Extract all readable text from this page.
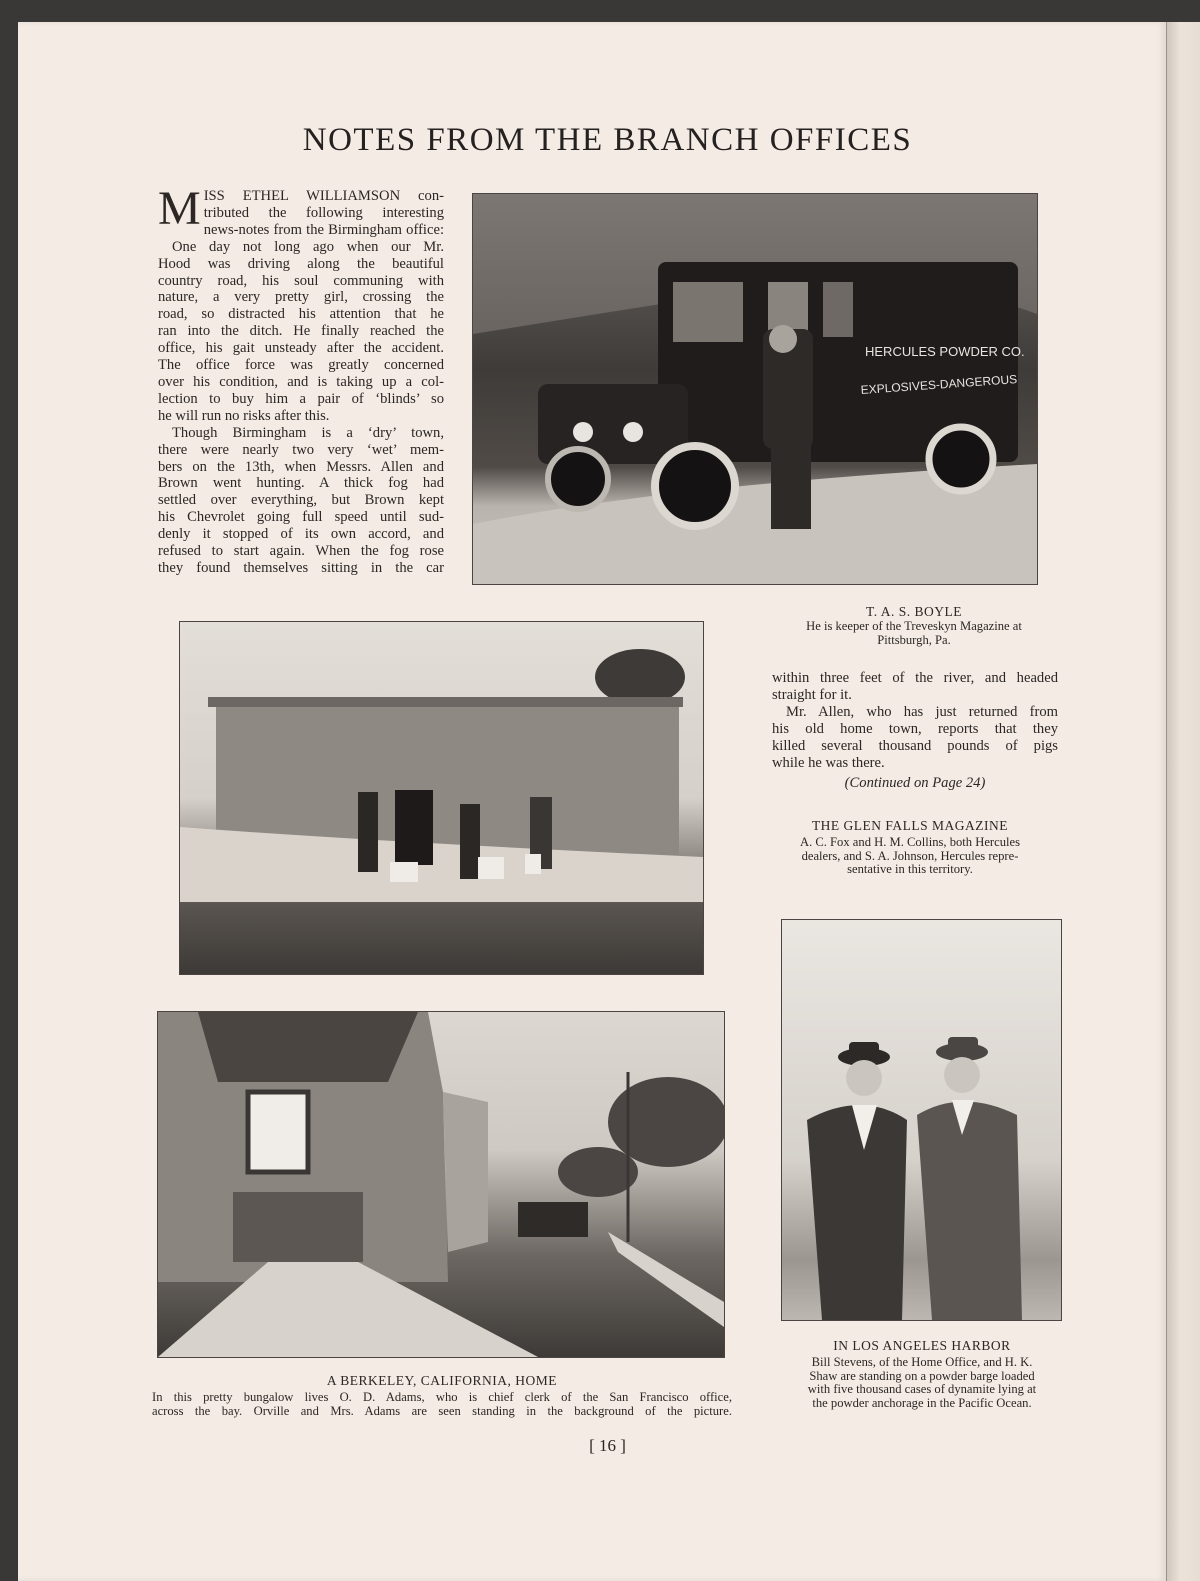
NOTES FROM THE BRANCH OFFICES
M ISS ETHEL WILLIAMSON con-
tributed the following interesting
news-notes from the Birmingham office:
One day not long ago when our Mr.
Hood was driving along the beautiful
country road, his soul communing with
nature, a very pretty girl, crossing the
road, so distracted his attention that he
ran into the ditch. He finally reached the
office, his gait unsteady after the accident.
The office force was greatly concerned
over his condition, and is taking up a col-
lection to buy him a pair of ‘blinds’ so
he will run no risks after this.
Though Birmingham is a ‘dry’ town,
there were nearly two very ‘wet’ mem-
bers on the 13th, when Messrs. Allen and
Brown went hunting. A thick fog had
settled over everything, but Brown kept
his Chevrolet going full speed until sud-
denly it stopped of its own accord, and
refused to start again. When the fog rose
they found themselves sitting in the car
HERCULES POWDER CO.
EXPLOSIVES-DANGEROUS
T. A. S. BOYLE
He is keeper of the Treveskyn Magazine at
Pittsburgh, Pa.
within three feet of the river, and headed
straight for it.
Mr. Allen, who has just returned from
his old home town, reports that they
killed several thousand pounds of pigs
while he was there.
(Continued on Page 24)
THE GLEN FALLS MAGAZINE
A. C. Fox and H. M. Collins, both Hercules
dealers, and S. A. Johnson, Hercules repre-
sentative in this territory.
A BERKELEY, CALIFORNIA, HOME
In this pretty bungalow lives O. D. Adams, who is chief clerk of the San Francisco office,
across the bay. Orville and Mrs. Adams are seen standing in the background of the picture.
IN LOS ANGELES HARBOR
Bill Stevens, of the Home Office, and H. K.
Shaw are standing on a powder barge loaded
with five thousand cases of dynamite lying at
the powder anchorage in the Pacific Ocean.
[ 16 ]
